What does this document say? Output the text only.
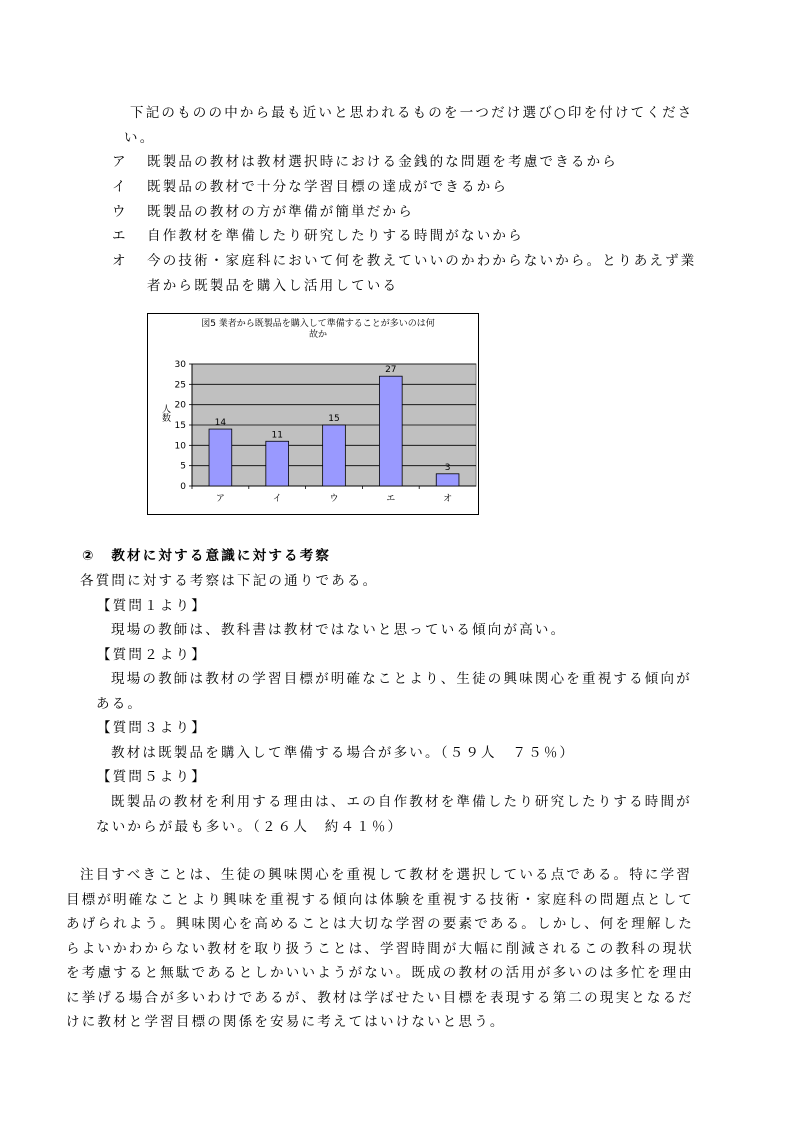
下記のものの中から最も近いと思われるものを一つだけ選び○印を付けてくださ
い。
ア 既製品の教材は教材選択時における金銭的な問題を考慮できるから
イ 既製品の教材で十分な学習目標の達成ができるから
ウ 既製品の教材の方が準備が簡単だから
エ 自作教材を準備したり研究したりする時間がないから
オ 今の技術・家庭科において何を教えていいのかわからないから。とりあえず業
者から既製品を購入し活用している
図5 業者から既製品を購入して準備することが多いのは何
故か
0
5
10
15
20
25
30
人数
14
ア
11
イ
15
ウ
27
エ
3
オ
②　教材に対する意識に対する考察
各質問に対する考察は下記の通りである。
【質問１より】
現場の教師は、教科書は教材ではないと思っている傾向が高い。
【質問２より】
現場の教師は教材の学習目標が明確なことより、生徒の興味関心を重視する傾向が
ある。
【質問３より】
教材は既製品を購入して準備する場合が多い。（５９人　７５％）
【質問５より】
既製品の教材を利用する理由は、エの自作教材を準備したり研究したりする時間が
ないからが最も多い。（２６人　約４１％）
注目すべきことは、生徒の興味関心を重視して教材を選択している点である。特に学習
目標が明確なことより興味を重視する傾向は体験を重視する技術・家庭科の問題点として
あげられよう。興味関心を高めることは大切な学習の要素である。しかし、何を理解した
らよいかわからない教材を取り扱うことは、学習時間が大幅に削減されるこの教科の現状
を考慮すると無駄であるとしかいいようがない。既成の教材の活用が多いのは多忙を理由
に挙げる場合が多いわけであるが、教材は学ばせたい目標を表現する第二の現実となるだ
けに教材と学習目標の関係を安易に考えてはいけないと思う。
